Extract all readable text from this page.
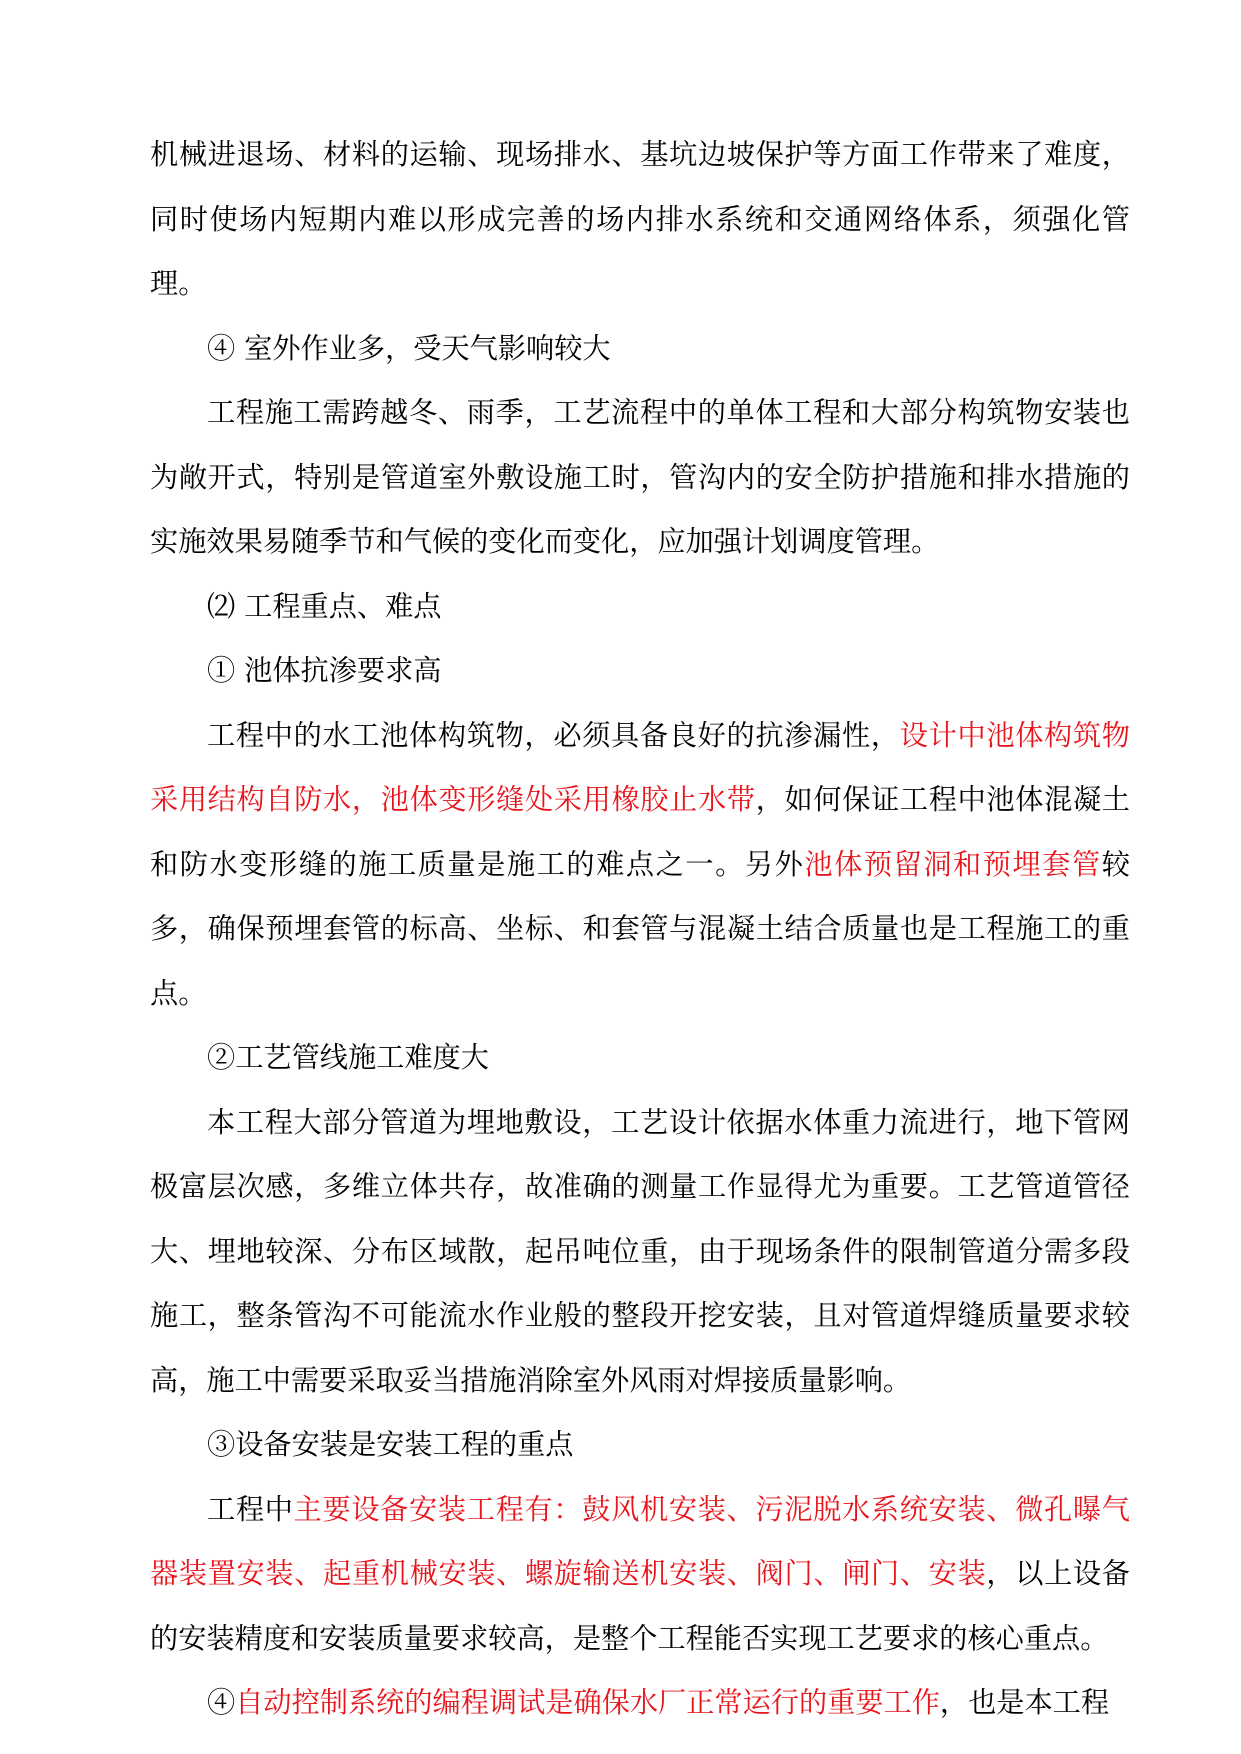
机械进退场、材料的运输、现场排水、基坑边坡保护等方面工作带来了难度，同时使场内短期内难以形成完善的场内排水系统和交通网络体系，须强化管理。

④ 室外作业多，受天气影响较大

工程施工需跨越冬、雨季，工艺流程中的单体工程和大部分构筑物安装也为敞开式，特别是管道室外敷设施工时，管沟内的安全防护措施和排水措施的实施效果易随季节和气候的变化而变化，应加强计划调度管理。

⑵ 工程重点、难点

① 池体抗渗要求高

工程中的水工池体构筑物，必须具备良好的抗渗漏性，设计中池体构筑物采用结构自防水，池体变形缝处采用橡胶止水带，如何保证工程中池体混凝土和防水变形缝的施工质量是施工的难点之一。另外池体预留洞和预埋套管较多，确保预埋套管的标高、坐标、和套管与混凝土结合质量也是工程施工的重点。

②工艺管线施工难度大

本工程大部分管道为埋地敷设，工艺设计依据水体重力流进行，地下管网极富层次感，多维立体共存，故准确的测量工作显得尤为重要。工艺管道管径大、埋地较深、分布区域散，起吊吨位重，由于现场条件的限制管道分需多段施工，整条管沟不可能流水作业般的整段开挖安装，且对管道焊缝质量要求较高，施工中需要采取妥当措施消除室外风雨对焊接质量影响。

③设备安装是安装工程的重点

工程中主要设备安装工程有：鼓风机安装、污泥脱水系统安装、微孔曝气器装置安装、起重机械安装、螺旋输送机安装、阀门、闸门、安装，以上设备的安装精度和安装质量要求较高，是整个工程能否实现工艺要求的核心重点。

④自动控制系统的编程调试是确保水厂正常运行的重要工作，也是本工程
